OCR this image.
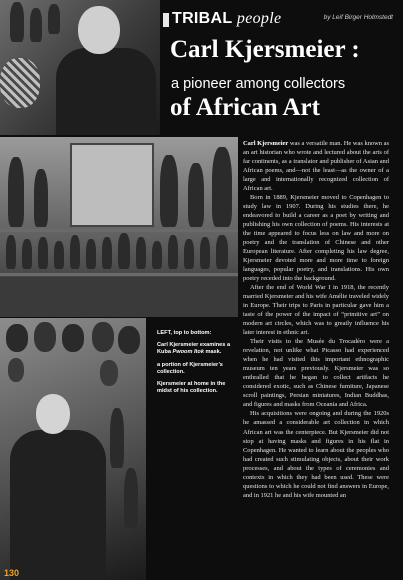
TRIBAL people	by Leif Birger Holmstedt
Carl Kjersmeier :
a pioneer among collectors
of African Art

Carl Kjersmeier was a versatile man. He was known as an art historian who wrote and lectured about the arts of far continents, as a translator and publisher of Asian and African poems, and—not the least—as the owner of a large and internationally recognized collection of African art.

Born in 1889, Kjersmeier moved to Copenhagen to study law in 1907. During his studies there, he endeavored to build a career as a poet by writing and publishing his own collection of poems. His interests at the time appeared to focus less on law and more on poetry and the translation of Chinese and other European literature. After completing his law degree, Kjersmeier devoted more and more time to foreign languages, popular poetry, and translations. His own poetry receded into the background.

After the end of World War I in 1918, the recently married Kjersmeier and his wife Amélie traveled widely in Europe. Their trips to Paris in particular gave him a taste of the power of the impact of “primitive art” on modern art circles, which was to greatly influence his later interest in ethnic art.

Their visits to the Musée du Trocadéro were a revelation, not unlike what Picasso had experienced when he had visited this important ethnographic museum ten years previously. Kjersmeier was so enthralled that he began to collect artifacts he considered exotic, such as Chinese furniture, Japanese scroll paintings, Persian miniatures, Indian Buddhas, and figures and masks from Oceania and Africa.

His acquisitions were ongoing and during the 1920s he amassed a considerable art collection in which African art was the centerpiece. But Kjersmeier did not stop at having masks and figures in his flat in Copenhagen. He wanted to learn about the peoples who had created such stimulating objects, about their work processes, and about the types of ceremonies and contexts in which they had been used. These were questions to which he could not find answers in Europe, and in 1921 he and his wife mounted an

LEFT, top to bottom:

Carl Kjersmeier examines a Kuba Pwoom Itok mask.

a portion of Kjersmeier’s collection.

Kjersmeier at home in the midst of his collection.

130
